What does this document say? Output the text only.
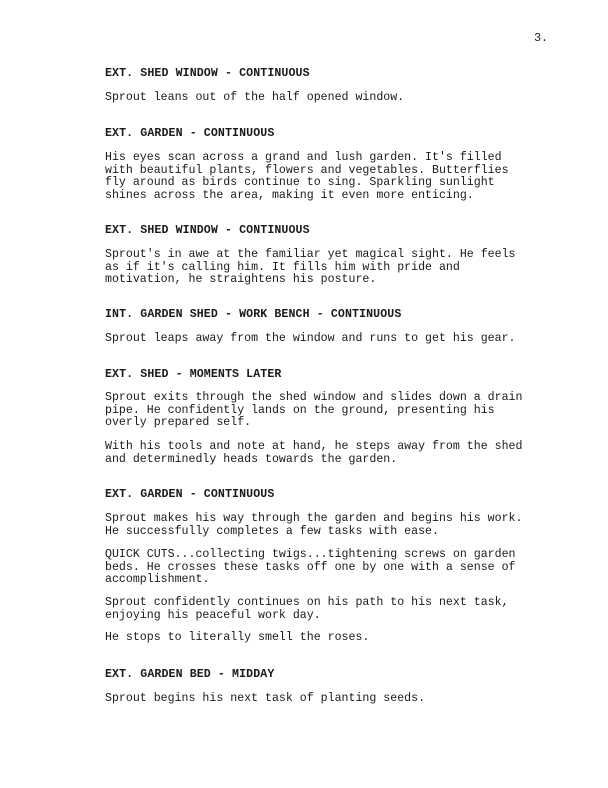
3.
EXT. SHED WINDOW - CONTINUOUS
Sprout leans out of the half opened window.
EXT. GARDEN - CONTINUOUS
His eyes scan across a grand and lush garden. It's filled
with beautiful plants, flowers and vegetables. Butterflies
fly around as birds continue to sing. Sparkling sunlight
shines across the area, making it even more enticing.
EXT. SHED WINDOW - CONTINUOUS
Sprout's in awe at the familiar yet magical sight. He feels
as if it's calling him. It fills him with pride and
motivation, he straightens his posture.
INT. GARDEN SHED - WORK BENCH - CONTINUOUS
Sprout leaps away from the window and runs to get his gear.
EXT. SHED - MOMENTS LATER
Sprout exits through the shed window and slides down a drain
pipe. He confidently lands on the ground, presenting his
overly prepared self.
With his tools and note at hand, he steps away from the shed
and determinedly heads towards the garden.
EXT. GARDEN - CONTINUOUS
Sprout makes his way through the garden and begins his work.
He successfully completes a few tasks with ease.
QUICK CUTS...collecting twigs...tightening screws on garden
beds. He crosses these tasks off one by one with a sense of
accomplishment.
Sprout confidently continues on his path to his next task,
enjoying his peaceful work day.
He stops to literally smell the roses.
EXT. GARDEN BED - MIDDAY
Sprout begins his next task of planting seeds.
